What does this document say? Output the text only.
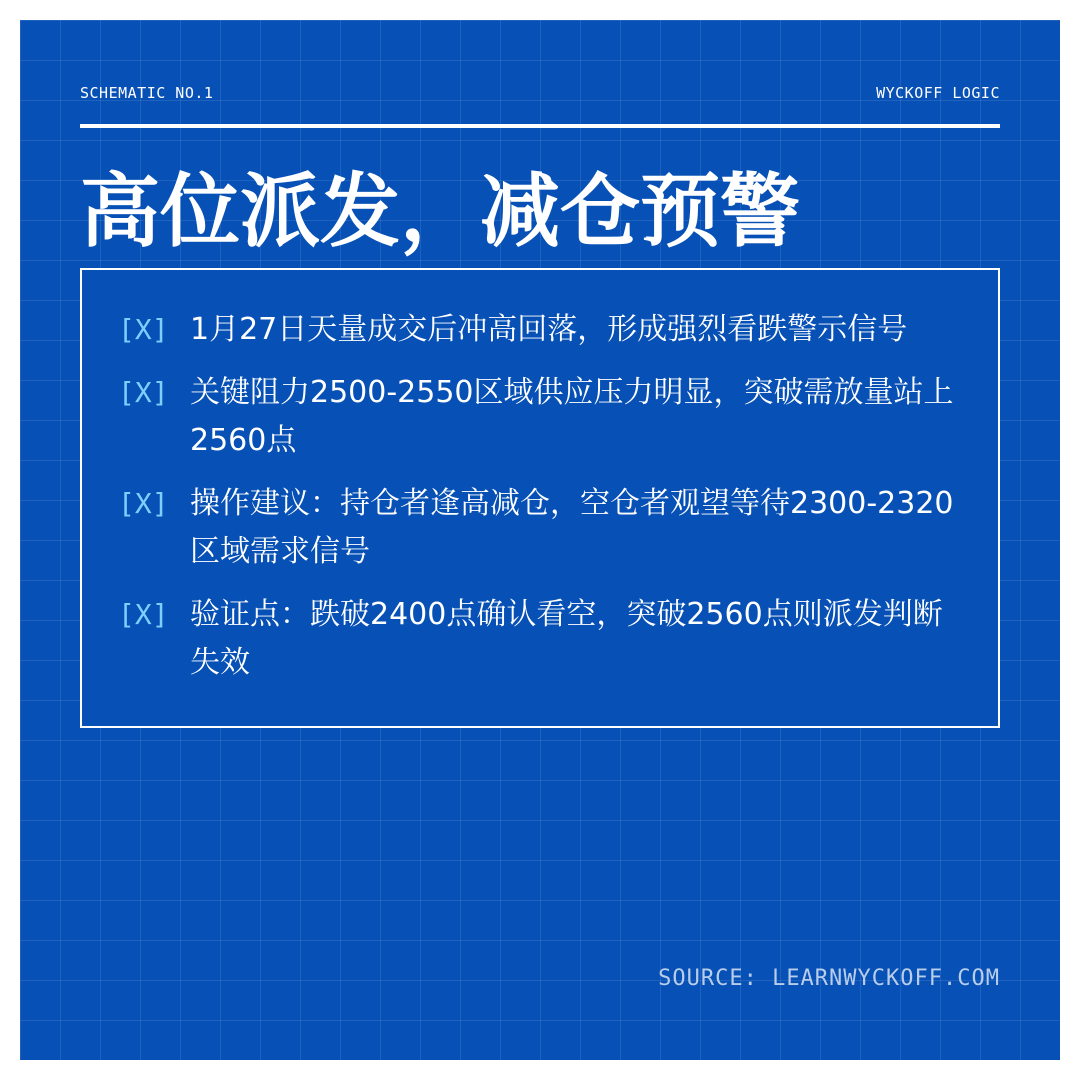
SCHEMATIC NO.1	WYCKOFF LOGIC
高位派发，减仓预警
[X] 1月27日天量成交后冲高回落，形成强烈看跌警示信号
[X] 关键阻力2500-2550区域供应压力明显，突破需放量站上2560点
[X] 操作建议：持仓者逢高减仓，空仓者观望等待2300-2320区域需求信号
[X] 验证点：跌破2400点确认看空，突破2560点则派发判断失效
SOURCE: LEARNWYCKOFF.COM
